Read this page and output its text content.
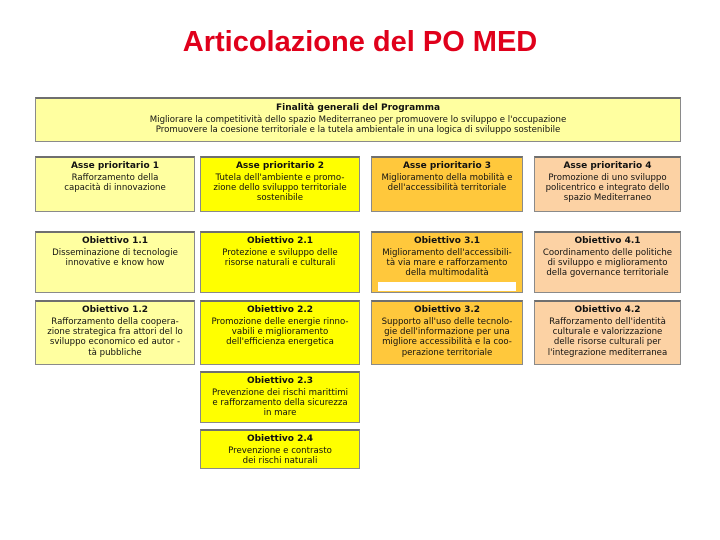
Articolazione del PO MED
Finalità generali del Programma
Migliorare la competitività dello spazio Mediterraneo per promuovere lo sviluppo e l'occupazione
Promuovere la coesione territoriale e la tutela ambientale in una logica di sviluppo sostenibile
Asse prioritario 1
Rafforzamento della
capacità di innovazione
Asse prioritario 2
Tutela dell'ambiente e promo-
zione dello sviluppo territoriale
sostenibile
Asse prioritario 3
Miglioramento della mobilità e
dell'accessibilità territoriale
Asse prioritario 4
Promozione di uno sviluppo
policentrico e integrato dello
spazio Mediterraneo
Obiettivo 1.1
Disseminazione di tecnologie
innovative e know how
Obiettivo 1.2
Rafforzamento della coopera-
zione strategica fra attori del lo
sviluppo economico ed autor -
tà pubbliche
Obiettivo 2.1
Protezione e sviluppo delle
risorse naturali e culturali
Obiettivo 2.2
Promozione delle energie rinno-
vabili e miglioramento
dell'efficienza energetica
Obiettivo 2.3
Prevenzione dei rischi marittimi
e rafforzamento della sicurezza
in mare
Obiettivo 2.4
Prevenzione e contrasto
dei rischi naturali
Obiettivo 3.1
Miglioramento dell'accessibili-
tà via mare e rafforzamento
della multimodalità
Obiettivo 3.2
Supporto all'uso delle tecnolo-
gie dell'informazione per una
migliore accessibilità e la coo-
perazione territoriale
Obiettivo 4.1
Coordinamento delle politiche
di sviluppo e miglioramento
della governance territoriale
Obiettivo 4.2
Rafforzamento dell'identità
culturale e valorizzazione
delle risorse culturali per
l'integrazione mediterranea
